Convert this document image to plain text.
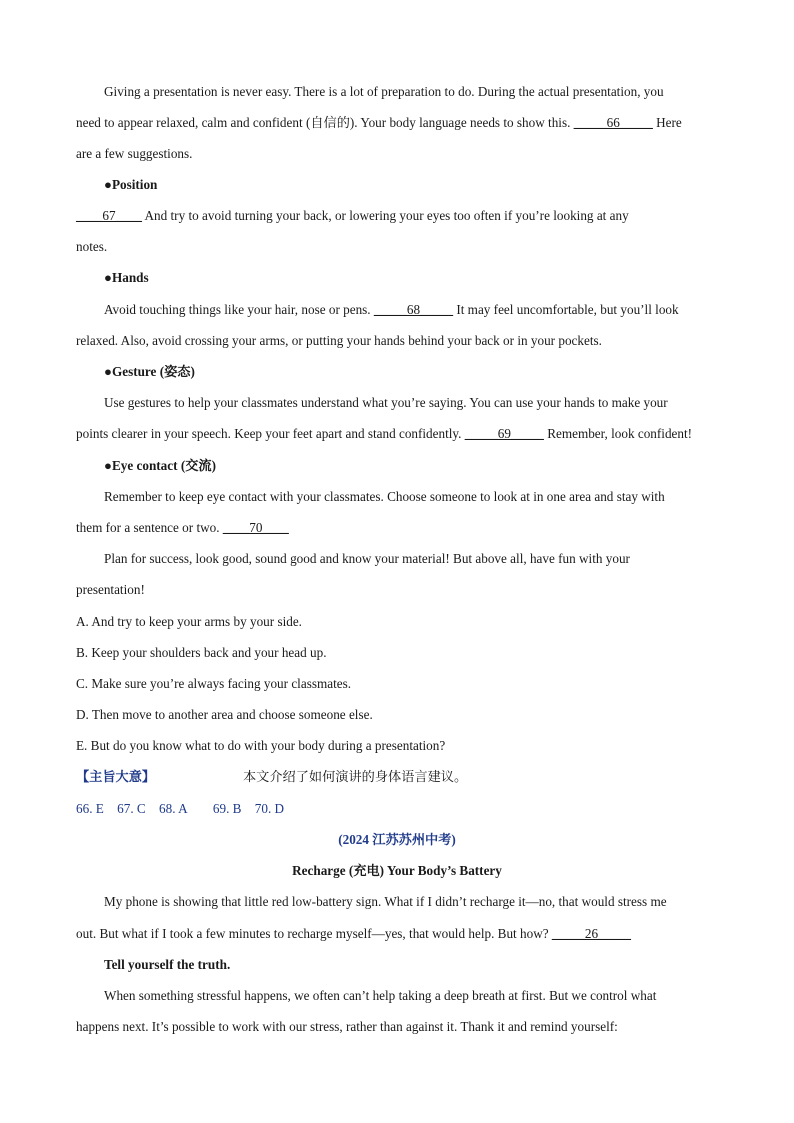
Giving a presentation is never easy. There is a lot of preparation to do. During the actual presentation, you
need to appear relaxed, calm and confident (自信的). Your body language needs to show this. _____66_____ Here
are a few suggestions.
●Position
____67____ And try to avoid turning your back, or lowering your eyes too often if you’re looking at any
notes.
●Hands
Avoid touching things like your hair, nose or pens. _____68_____ It may feel uncomfortable, but you’ll look
relaxed. Also, avoid crossing your arms, or putting your hands behind your back or in your pockets.
●Gesture (姿态)
Use gestures to help your classmates understand what you’re saying. You can use your hands to make your
points clearer in your speech. Keep your feet apart and stand confidently. _____69_____ Remember, look confident!
●Eye contact (交流)
Remember to keep eye contact with your classmates. Choose someone to look at in one area and stay with
them for a sentence or two. ____70____
Plan for success, look good, sound good and know your material! But above all, have fun with your
presentation!
A. And try to keep your arms by your side.
B. Keep your shoulders back and your head up.
C. Make sure you’re always facing your classmates.
D. Then move to another area and choose someone else.
E. But do you know what to do with your body during a presentation?
【主旨大意】	本文介绍了如何演讲的身体语言建议。
66. E 67. C 68. A 69. B 70. D
(2024 江苏苏州中考)
Recharge (充电) Your Body’s Battery
My phone is showing that little red low-battery sign. What if I didn’t recharge it—no, that would stress me
out. But what if I took a few minutes to recharge myself—yes, that would help. But how? _____26_____
Tell yourself the truth.
When something stressful happens, we often can’t help taking a deep breath at first. But we control what
happens next. It’s possible to work with our stress, rather than against it. Thank it and remind yourself:
